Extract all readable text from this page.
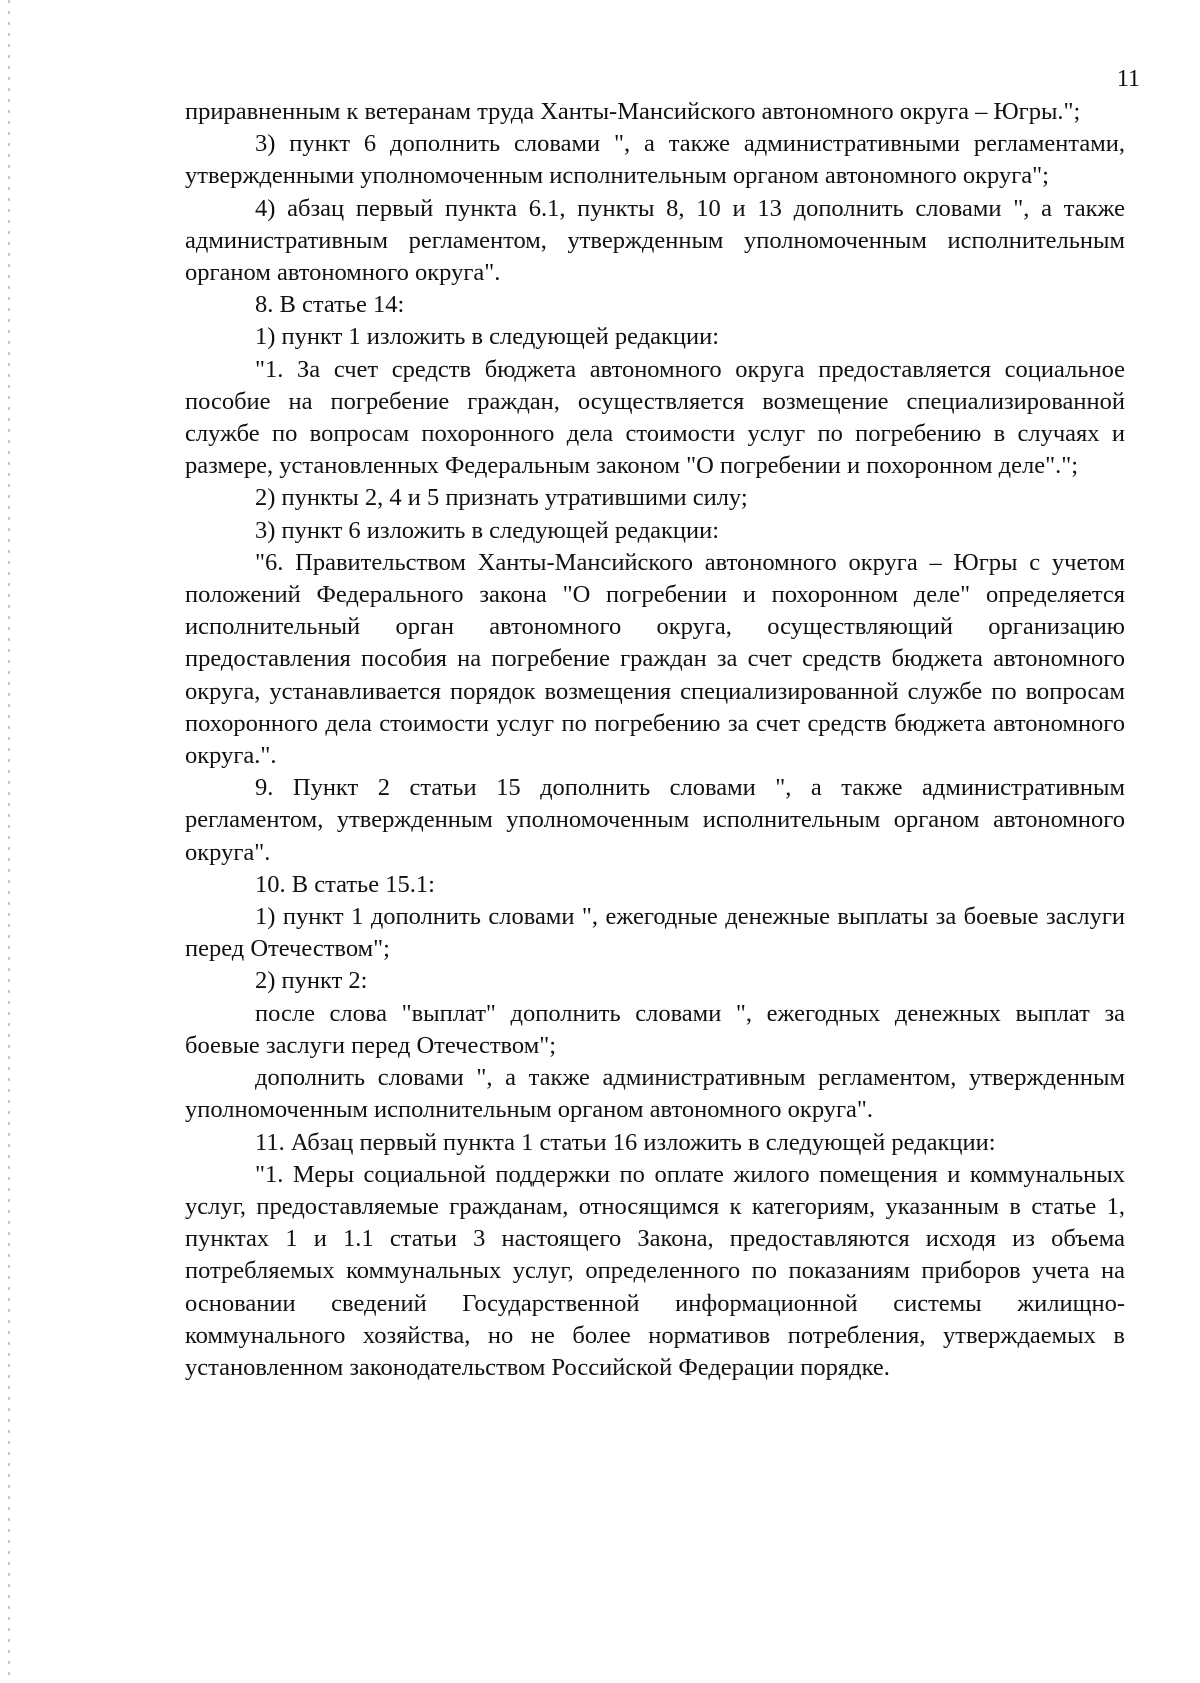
11

приравненным к ветеранам труда Ханты-Мансийского автономного округа – Югры.";

3) пункт 6 дополнить словами ", а также административными регламентами, утвержденными уполномоченным исполнительным органом автономного округа";

4) абзац первый пункта 6.1, пункты 8, 10 и 13 дополнить словами ", а также административным регламентом, утвержденным уполномоченным исполнительным органом автономного округа".

8. В статье 14:

1) пункт 1 изложить в следующей редакции:

"1. За счет средств бюджета автономного округа предоставляется социальное пособие на погребение граждан, осуществляется возмещение специализированной службе по вопросам похоронного дела стоимости услуг по погребению в случаях и размере, установленных Федеральным законом "О погребении и похоронном деле".";

2) пункты 2, 4 и 5 признать утратившими силу;

3) пункт 6 изложить в следующей редакции:

"6. Правительством Ханты-Мансийского автономного округа – Югры с учетом положений Федерального закона "О погребении и похоронном деле" определяется исполнительный орган автономного округа, осуществляющий организацию предоставления пособия на погребение граждан за счет средств бюджета автономного округа, устанавливается порядок возмещения специализированной службе по вопросам похоронного дела стоимости услуг по погребению за счет средств бюджета автономного округа.".

9. Пункт 2 статьи 15 дополнить словами ", а также административным регламентом, утвержденным уполномоченным исполнительным органом автономного округа".

10. В статье 15.1:

1) пункт 1 дополнить словами ", ежегодные денежные выплаты за боевые заслуги перед Отечеством";

2) пункт 2:

после слова "выплат" дополнить словами ", ежегодных денежных выплат за боевые заслуги перед Отечеством";

дополнить словами ", а также административным регламентом, утвержденным уполномоченным исполнительным органом автономного округа".

11. Абзац первый пункта 1 статьи 16 изложить в следующей редакции:

"1. Меры социальной поддержки по оплате жилого помещения и коммунальных услуг, предоставляемые гражданам, относящимся к категориям, указанным в статье 1, пунктах 1 и 1.1 статьи 3 настоящего Закона, предоставляются исходя из объема потребляемых коммунальных услуг, определенного по показаниям приборов учета на основании сведений Государственной информационной системы жилищно-коммунального хозяйства, но не более нормативов потребления, утверждаемых в установленном законодательством Российской Федерации порядке.
